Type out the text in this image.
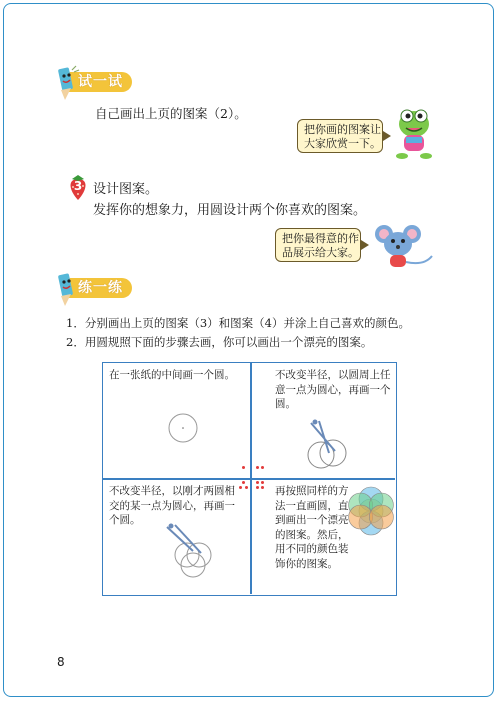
试一试
自己画出上页的图案（2）。
把你画的图案让
大家欣赏一下。
3 设计图案。
发挥你的想象力，用圆设计两个你喜欢的图案。
把你最得意的作
品展示给大家。
练一练
1．分别画出上页的图案（3）和图案（4）并涂上自己喜欢的颜色。
2．用圆规照下面的步骤去画，你可以画出一个漂亮的图案。
在一张纸的中间画一个圆。	不改变半径，以圆周上任意一点为圆心，再画一个圆。
不改变半径，以刚才两圆相交的某一点为圆心，再画一个圆。
再按照同样的方法一直画圆，直到画出一个漂亮的图案。然后，用不同的颜色装饰你的图案。
8
